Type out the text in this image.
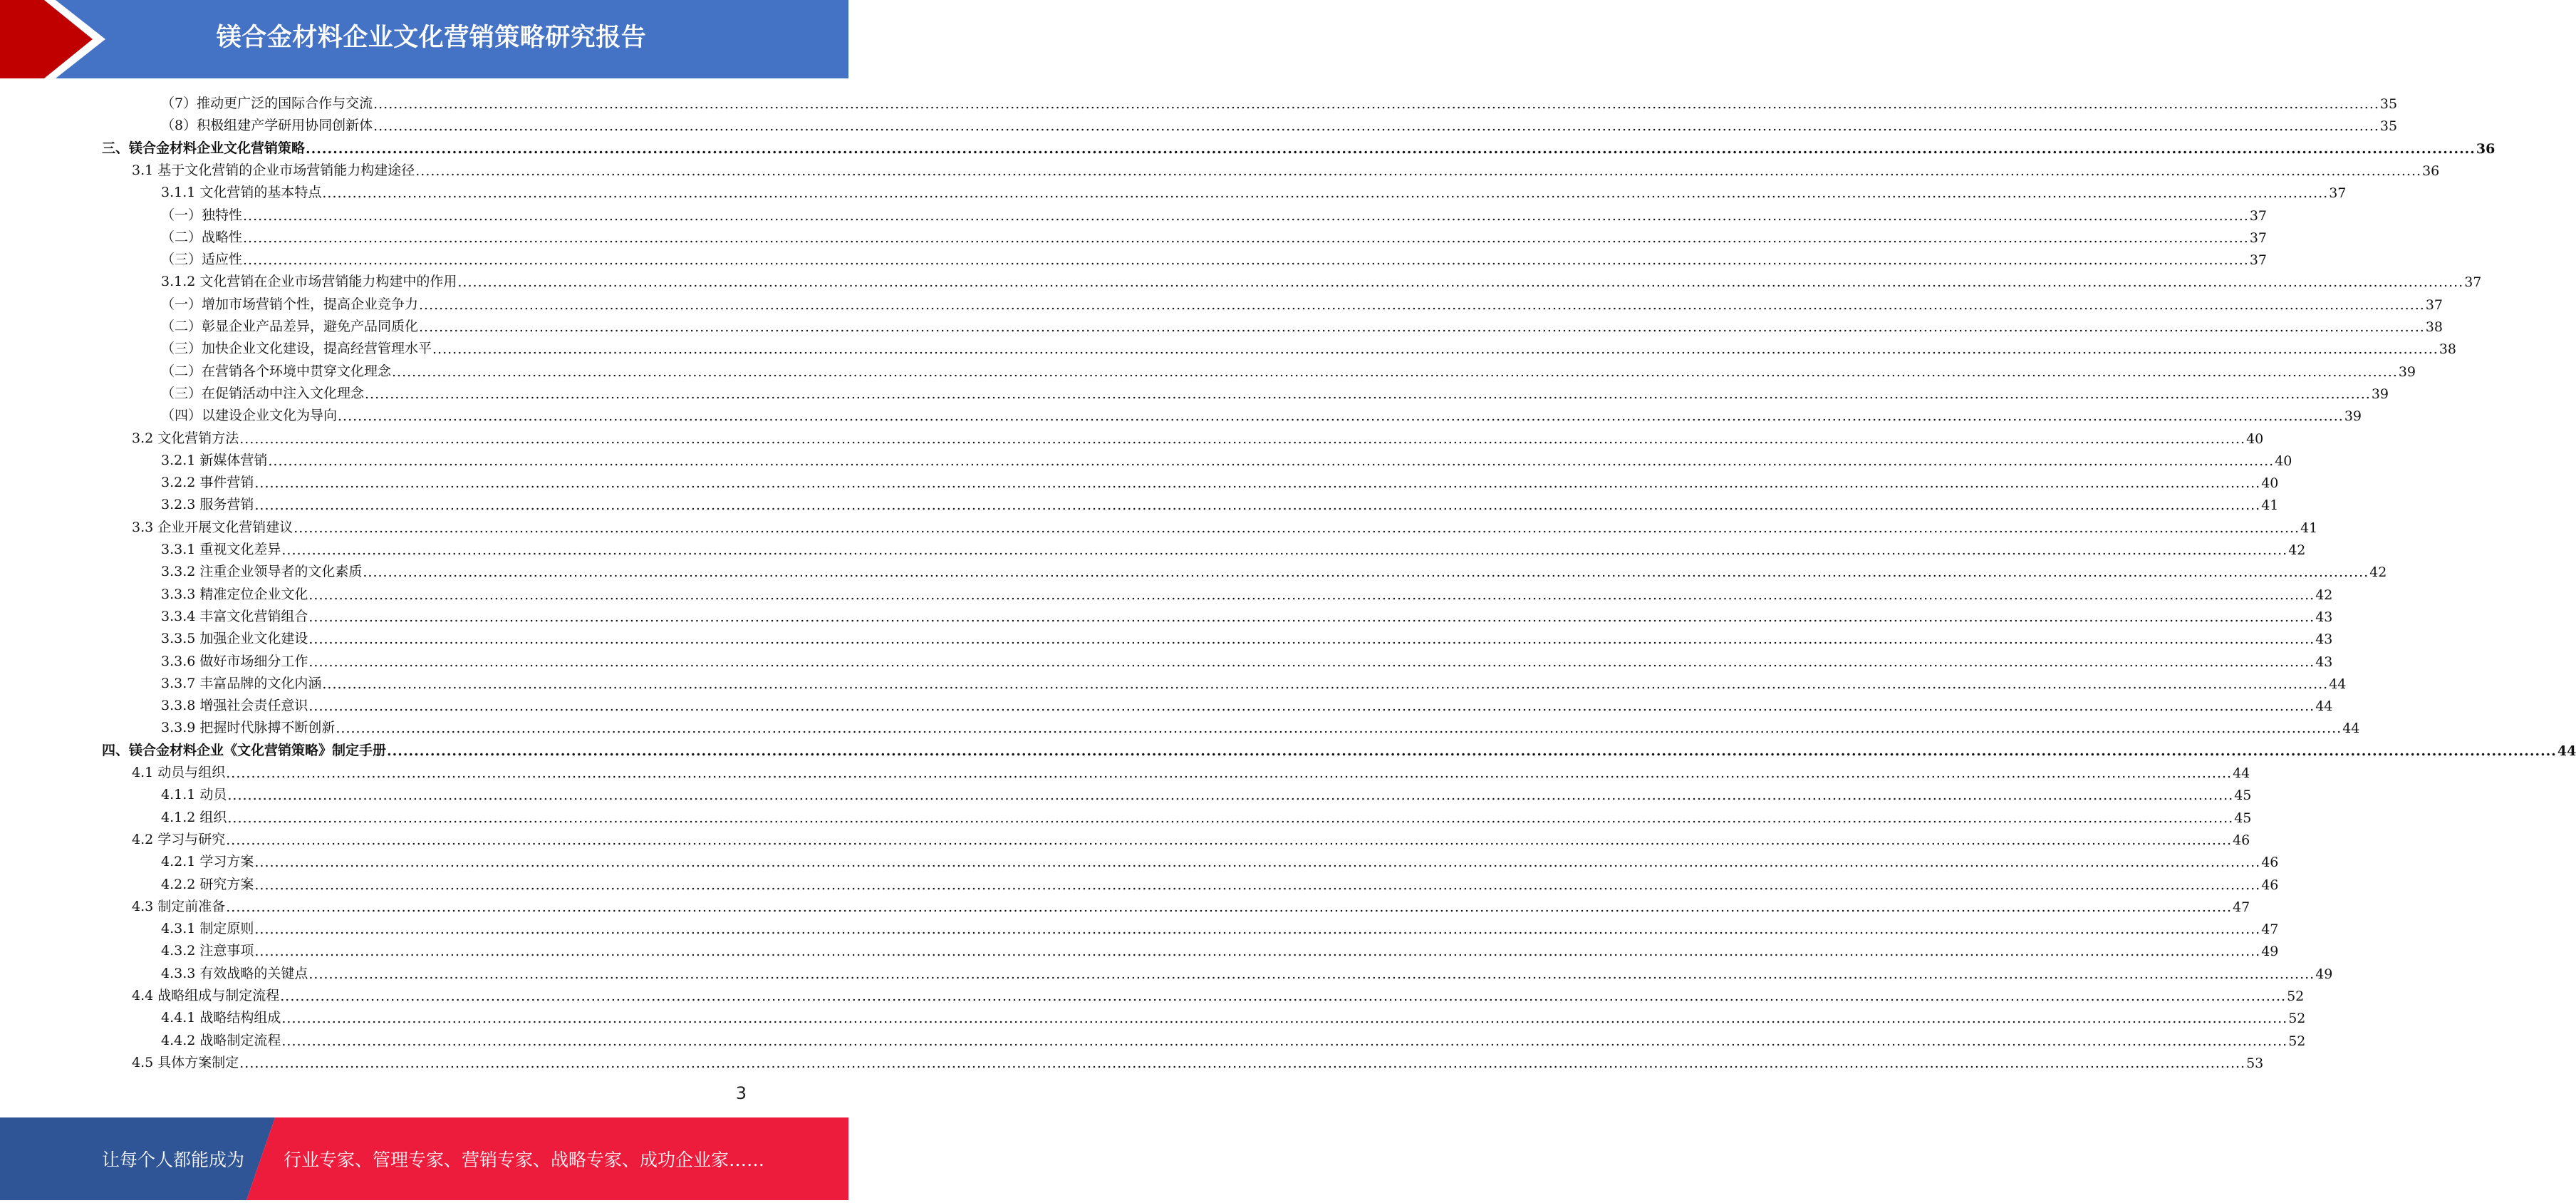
镁合金材料企业文化营销策略研究报告
（7）推动更广泛的国际合作与交流 ................................................................................................................................................................................................................................................................................................................................................................................................................ 35
（8）积极组建产学研用协同创新体 ................................................................................................................................................................................................................................................................................................................................................................................................................ 35
三、镁合金材料企业文化营销策略 ................................................................................................................................................................................................................................................................................................................................................................................................................ 36
3.1 基于文化营销的企业市场营销能力构建途径 ................................................................................................................................................................................................................................................................................................................................................................................................................ 36
3.1.1 文化营销的基本特点 ................................................................................................................................................................................................................................................................................................................................................................................................................ 37
（一）独特性 ................................................................................................................................................................................................................................................................................................................................................................................................................ 37
（二）战略性 ................................................................................................................................................................................................................................................................................................................................................................................................................ 37
（三）适应性 ................................................................................................................................................................................................................................................................................................................................................................................................................ 37
3.1.2 文化营销在企业市场营销能力构建中的作用 ................................................................................................................................................................................................................................................................................................................................................................................................................ 37
（一）增加市场营销个性，提高企业竞争力 ................................................................................................................................................................................................................................................................................................................................................................................................................ 37
（二）彰显企业产品差异，避免产品同质化 ................................................................................................................................................................................................................................................................................................................................................................................................................ 38
（三）加快企业文化建设，提高经营管理水平 ................................................................................................................................................................................................................................................................................................................................................................................................................ 38
（二）在营销各个环境中贯穿文化理念 ................................................................................................................................................................................................................................................................................................................................................................................................................ 39
（三）在促销活动中注入文化理念 ................................................................................................................................................................................................................................................................................................................................................................................................................ 39
（四）以建设企业文化为导向 ................................................................................................................................................................................................................................................................................................................................................................................................................ 39
3.2 文化营销方法 ................................................................................................................................................................................................................................................................................................................................................................................................................ 40
3.2.1 新媒体营销 ................................................................................................................................................................................................................................................................................................................................................................................................................ 40
3.2.2 事件营销 ................................................................................................................................................................................................................................................................................................................................................................................................................ 40
3.2.3 服务营销 ................................................................................................................................................................................................................................................................................................................................................................................................................ 41
3.3 企业开展文化营销建议 ................................................................................................................................................................................................................................................................................................................................................................................................................ 41
3.3.1 重视文化差异 ................................................................................................................................................................................................................................................................................................................................................................................................................ 42
3.3.2 注重企业领导者的文化素质 ................................................................................................................................................................................................................................................................................................................................................................................................................ 42
3.3.3 精准定位企业文化 ................................................................................................................................................................................................................................................................................................................................................................................................................ 42
3.3.4 丰富文化营销组合 ................................................................................................................................................................................................................................................................................................................................................................................................................ 43
3.3.5 加强企业文化建设 ................................................................................................................................................................................................................................................................................................................................................................................................................ 43
3.3.6 做好市场细分工作 ................................................................................................................................................................................................................................................................................................................................................................................................................ 43
3.3.7 丰富品牌的文化内涵 ................................................................................................................................................................................................................................................................................................................................................................................................................ 44
3.3.8 增强社会责任意识 ................................................................................................................................................................................................................................................................................................................................................................................................................ 44
3.3.9 把握时代脉搏不断创新 ................................................................................................................................................................................................................................................................................................................................................................................................................ 44
四、镁合金材料企业《文化营销策略》制定手册 ................................................................................................................................................................................................................................................................................................................................................................................................................ 44
4.1 动员与组织 ................................................................................................................................................................................................................................................................................................................................................................................................................ 44
4.1.1 动员 ................................................................................................................................................................................................................................................................................................................................................................................................................ 45
4.1.2 组织 ................................................................................................................................................................................................................................................................................................................................................................................................................ 45
4.2 学习与研究 ................................................................................................................................................................................................................................................................................................................................................................................................................ 46
4.2.1 学习方案 ................................................................................................................................................................................................................................................................................................................................................................................................................ 46
4.2.2 研究方案 ................................................................................................................................................................................................................................................................................................................................................................................................................ 46
4.3 制定前准备 ................................................................................................................................................................................................................................................................................................................................................................................................................ 47
4.3.1 制定原则 ................................................................................................................................................................................................................................................................................................................................................................................................................ 47
4.3.2 注意事项 ................................................................................................................................................................................................................................................................................................................................................................................................................ 49
4.3.3 有效战略的关键点 ................................................................................................................................................................................................................................................................................................................................................................................................................ 49
4.4 战略组成与制定流程 ................................................................................................................................................................................................................................................................................................................................................................................................................ 52
4.4.1 战略结构组成 ................................................................................................................................................................................................................................................................................................................................................................................................................ 52
4.4.2 战略制定流程 ................................................................................................................................................................................................................................................................................................................................................................................................................ 52
4.5 具体方案制定 ................................................................................................................................................................................................................................................................................................................................................................................................................ 53
3
让每个人都能成为 行业专家、管理专家、营销专家、战略专家、成功企业家……
